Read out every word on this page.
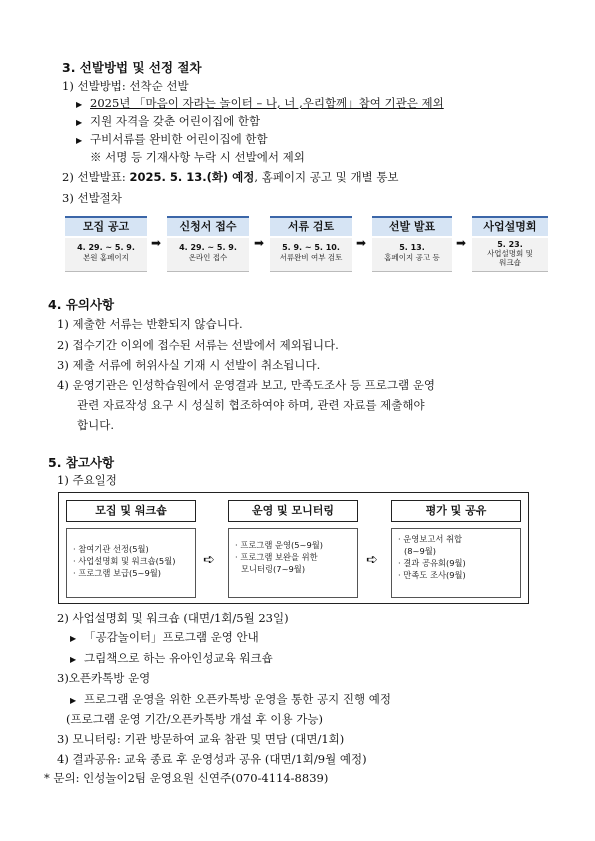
3. 선발방법 및 선정 절차
1) 선발방법: 선착순 선발
▶ 2025년 「마음이 자라는 놀이터 – 나, 너 ,우리함께」참여 기관은 제외
▶ 지원 자격을 갖춘 어린이집에 한함
▶ 구비서류를 완비한 어린이집에 한함
※ 서명 등 기재사항 누락 시 선발에서 제외
2) 선발발표: 2025. 5. 13.(화) 예정, 홈페이지 공고 및 개별 통보
3) 선발절차
모집 공고
4. 29. ~ 5. 9.
본원 홈페이지
➡
신청서 접수
4. 29. ~ 5. 9.
온라인 접수
➡
서류 검토
5. 9. ~ 5. 10.
서류완비 여부 검토
➡
선발 발표
5. 13.
홈페이지 공고 등
➡
사업설명회
5. 23.
사업설명회 및
워크숍
4. 유의사항
1) 제출한 서류는 반환되지 않습니다.
2) 접수기간 이외에 접수된 서류는 선발에서 제외됩니다.
3) 제출 서류에 허위사실 기재 시 선발이 취소됩니다.
4) 운영기관은 인성학습원에서 운영결과 보고, 만족도조사 등 프로그램 운영
관련 자료작성 요구 시 성실히 협조하여야 하며, 관련 자료를 제출해야
합니다.
5. 참고사항
1) 주요일정
모집 및 워크숍	운영 및 모니터링	평가 및 공유
· 참여기관 선정(5월)
· 사업설명회 및 워크숍(5월)
· 프로그램 보급(5~9월)
➪
· 프로그램 운영(5~9월)
· 프로그램 보완을 위한
모니터링(7~9월)
➪
· 운영보고서 취합
(8~9월)
· 결과 공유회(9월)
· 만족도 조사(9월)
2) 사업설명회 및 워크숍 (대면/1회/5월 23일)
▶ 「공감놀이터」프로그램 운영 안내
▶ 그림책으로 하는 유아인성교육 워크숍
3)오픈카톡방 운영
▶ 프로그램 운영을 위한 오픈카톡방 운영을 통한 공지 진행 예정
(프로그램 운영 기간/오픈카톡방 개설 후 이용 가능)
3) 모니터링: 기관 방문하여 교육 참관 및 면담 (대면/1회)
4) 결과공유: 교육 종료 후 운영성과 공유 (대면/1회/9월 예정)
* 문의: 인성놀이2팀 운영요원 신연주(070-4114-8839)
